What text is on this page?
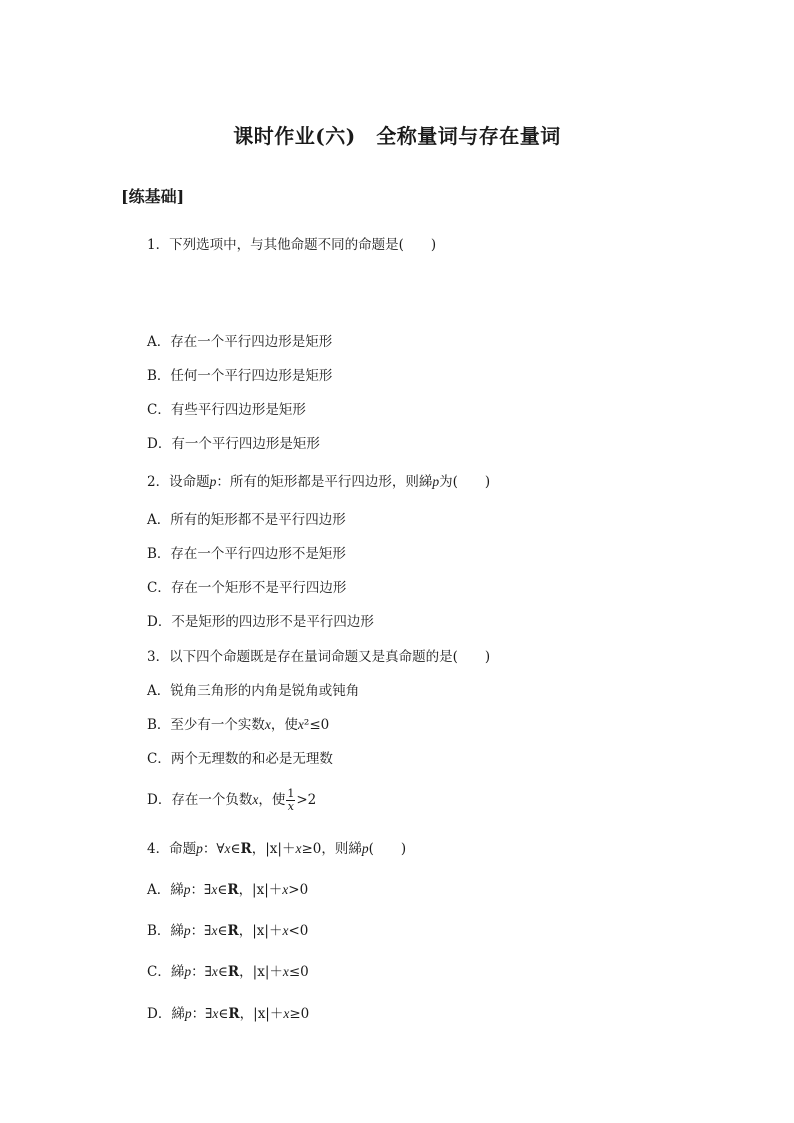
课时作业(六)　全称量词与存在量词
[练基础]
1．下列选项中，与其他命题不同的命题是(　　)
A．存在一个平行四边形是矩形
B．任何一个平行四边形是矩形
C．有些平行四边形是矩形
D．有一个平行四边形是矩形
2．设命题p：所有的矩形都是平行四边形，则綈p为(　　)
A．所有的矩形都不是平行四边形
B．存在一个平行四边形不是矩形
C．存在一个矩形不是平行四边形
D．不是矩形的四边形不是平行四边形
3．以下四个命题既是存在量词命题又是真命题的是(　　)
A．锐角三角形的内角是锐角或钝角
B．至少有一个实数x，使x²≤0
C．两个无理数的和必是无理数
D．存在一个负数x，使 $\frac{1}{x} >2$
4．命题p：∀x∈R，|x|＋x≥0，则綈p(　　)
A．綈p：∃x∈R，|x|＋x>0
B．綈p：∃x∈R，|x|＋x<0
C．綈p：∃x∈R，|x|＋x≤0
D．綈p：∃x∈R，|x|＋x≥0
